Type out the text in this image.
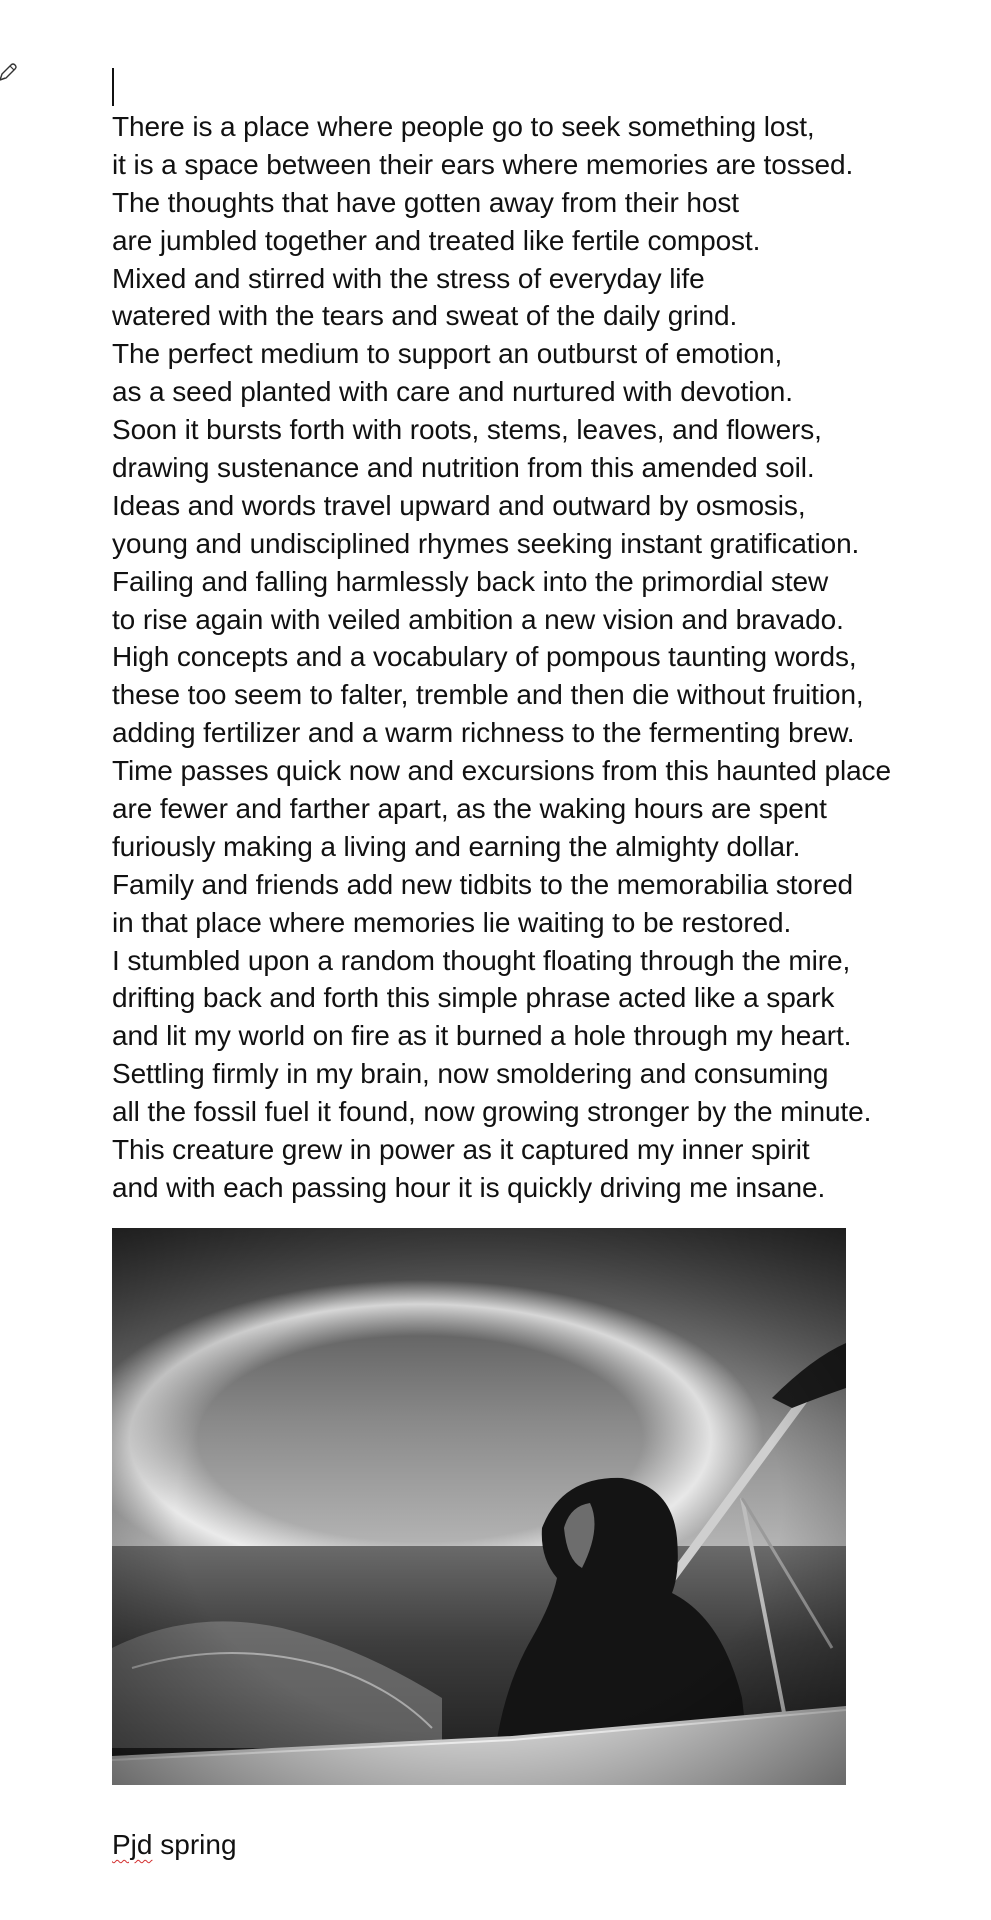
There is a place where people go to seek something lost,
it is a space between their ears where memories are tossed.
The thoughts that have gotten away from their host
are jumbled together and treated like fertile compost.
Mixed and stirred with the stress of everyday life
watered with the tears and sweat of the daily grind.
The perfect medium to support an outburst of emotion,
as a seed planted with care and nurtured with devotion.
Soon it bursts forth with roots, stems, leaves, and flowers,
drawing sustenance and nutrition from this amended soil.
Ideas and words travel upward and outward by osmosis,
young and undisciplined rhymes seeking instant gratification.
Failing and falling harmlessly back into the primordial stew
to rise again with veiled ambition a new vision and bravado.
High concepts and a vocabulary of pompous taunting words,
these too seem to falter, tremble and then die without fruition,
adding fertilizer and a warm richness to the fermenting brew.
Time passes quick now and excursions from this haunted place
are fewer and farther apart, as the waking hours are spent
furiously making a living and earning the almighty dollar.
Family and friends add new tidbits to the memorabilia stored
in that place where memories lie waiting to be restored.
I stumbled upon a random thought floating through the mire,
drifting back and forth this simple phrase acted like a spark
and lit my world on fire as it burned a hole through my heart.
Settling firmly in my brain, now smoldering and consuming
all the fossil fuel it found, now growing stronger by the minute.
This creature grew in power as it captured my inner spirit
and with each passing hour it is quickly driving me insane.
Pjd spring
